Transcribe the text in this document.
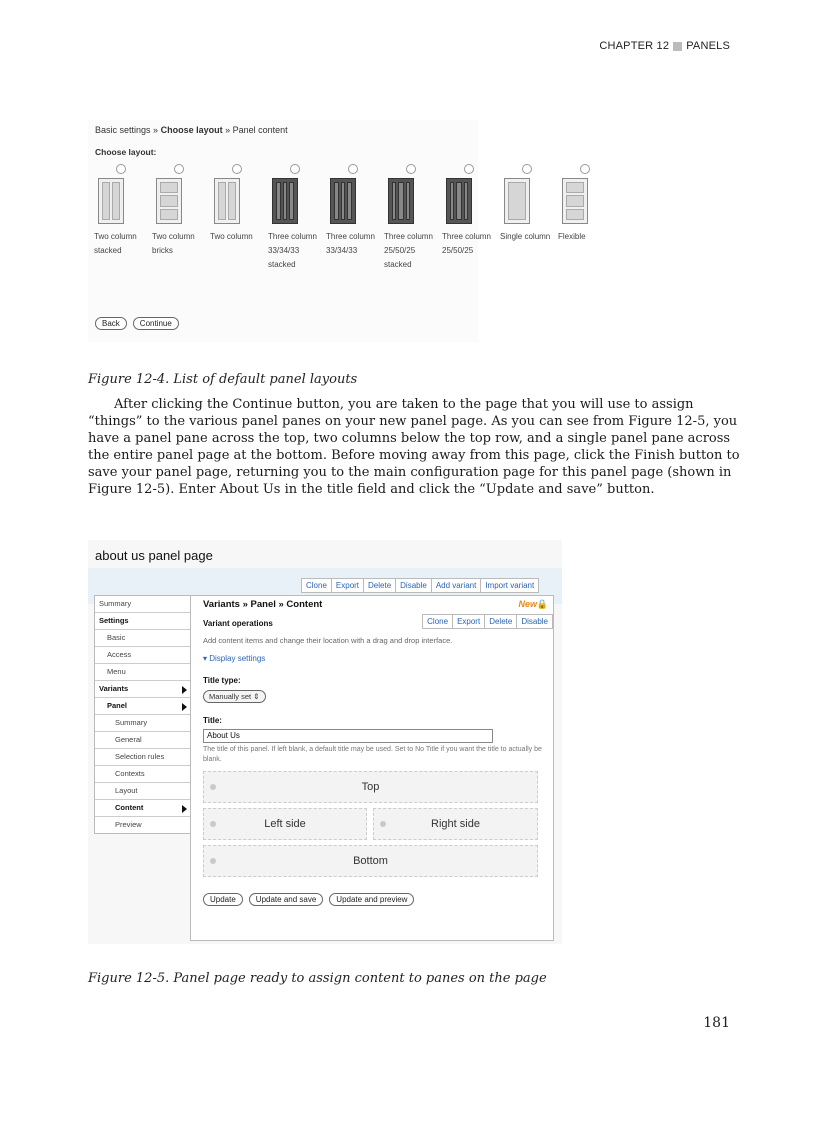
CHAPTER 12 PANELS
Basic settings » Choose layout » Panel content
Choose layout:
Two column
stacked
Two column
bricks
Two column	Three column
33/34/33
stacked
Three column
33/34/33
Three column
25/50/25
stacked
Three column
25/50/25
Single column Flexible
Back	Continue
Figure 12-4. List of default panel layouts

After clicking the Continue button, you are taken to the page that you will use to assign “things” to the various panel panes on your new panel page. As you can see from Figure 12-5, you have a panel pane across the top, two columns below the top row, and a single panel pane across the entire panel page at the bottom. Before moving away from this page, click the Finish button to save your panel page, returning you to the main configuration page for this panel page (shown in Figure 12-5). Enter About Us in the title field and click the “Update and save” button.

about us panel page
Clone	Export	Delete	Disable	Add variant	Import variant
Summary
Settings
Basic
Access
Menu
Variants
Panel
Summary
General
Selection rules
Contexts
Layout
Content
Preview
Variants » Panel » Content	New 🔒
Variant operations	Clone	Export	Delete	Disable
Add content items and change their location with a drag and drop interface.
▾ Display settings
Title type:
Manually set ⇕
Title:
About Us
The title of this panel. If left blank, a default title may be used. Set to No Title if you want the title to actually be blank.
Top
Left side	Right side
Bottom
Update	Update and save	Update and preview
Figure 12-5. Panel page ready to assign content to panes on the page
181
